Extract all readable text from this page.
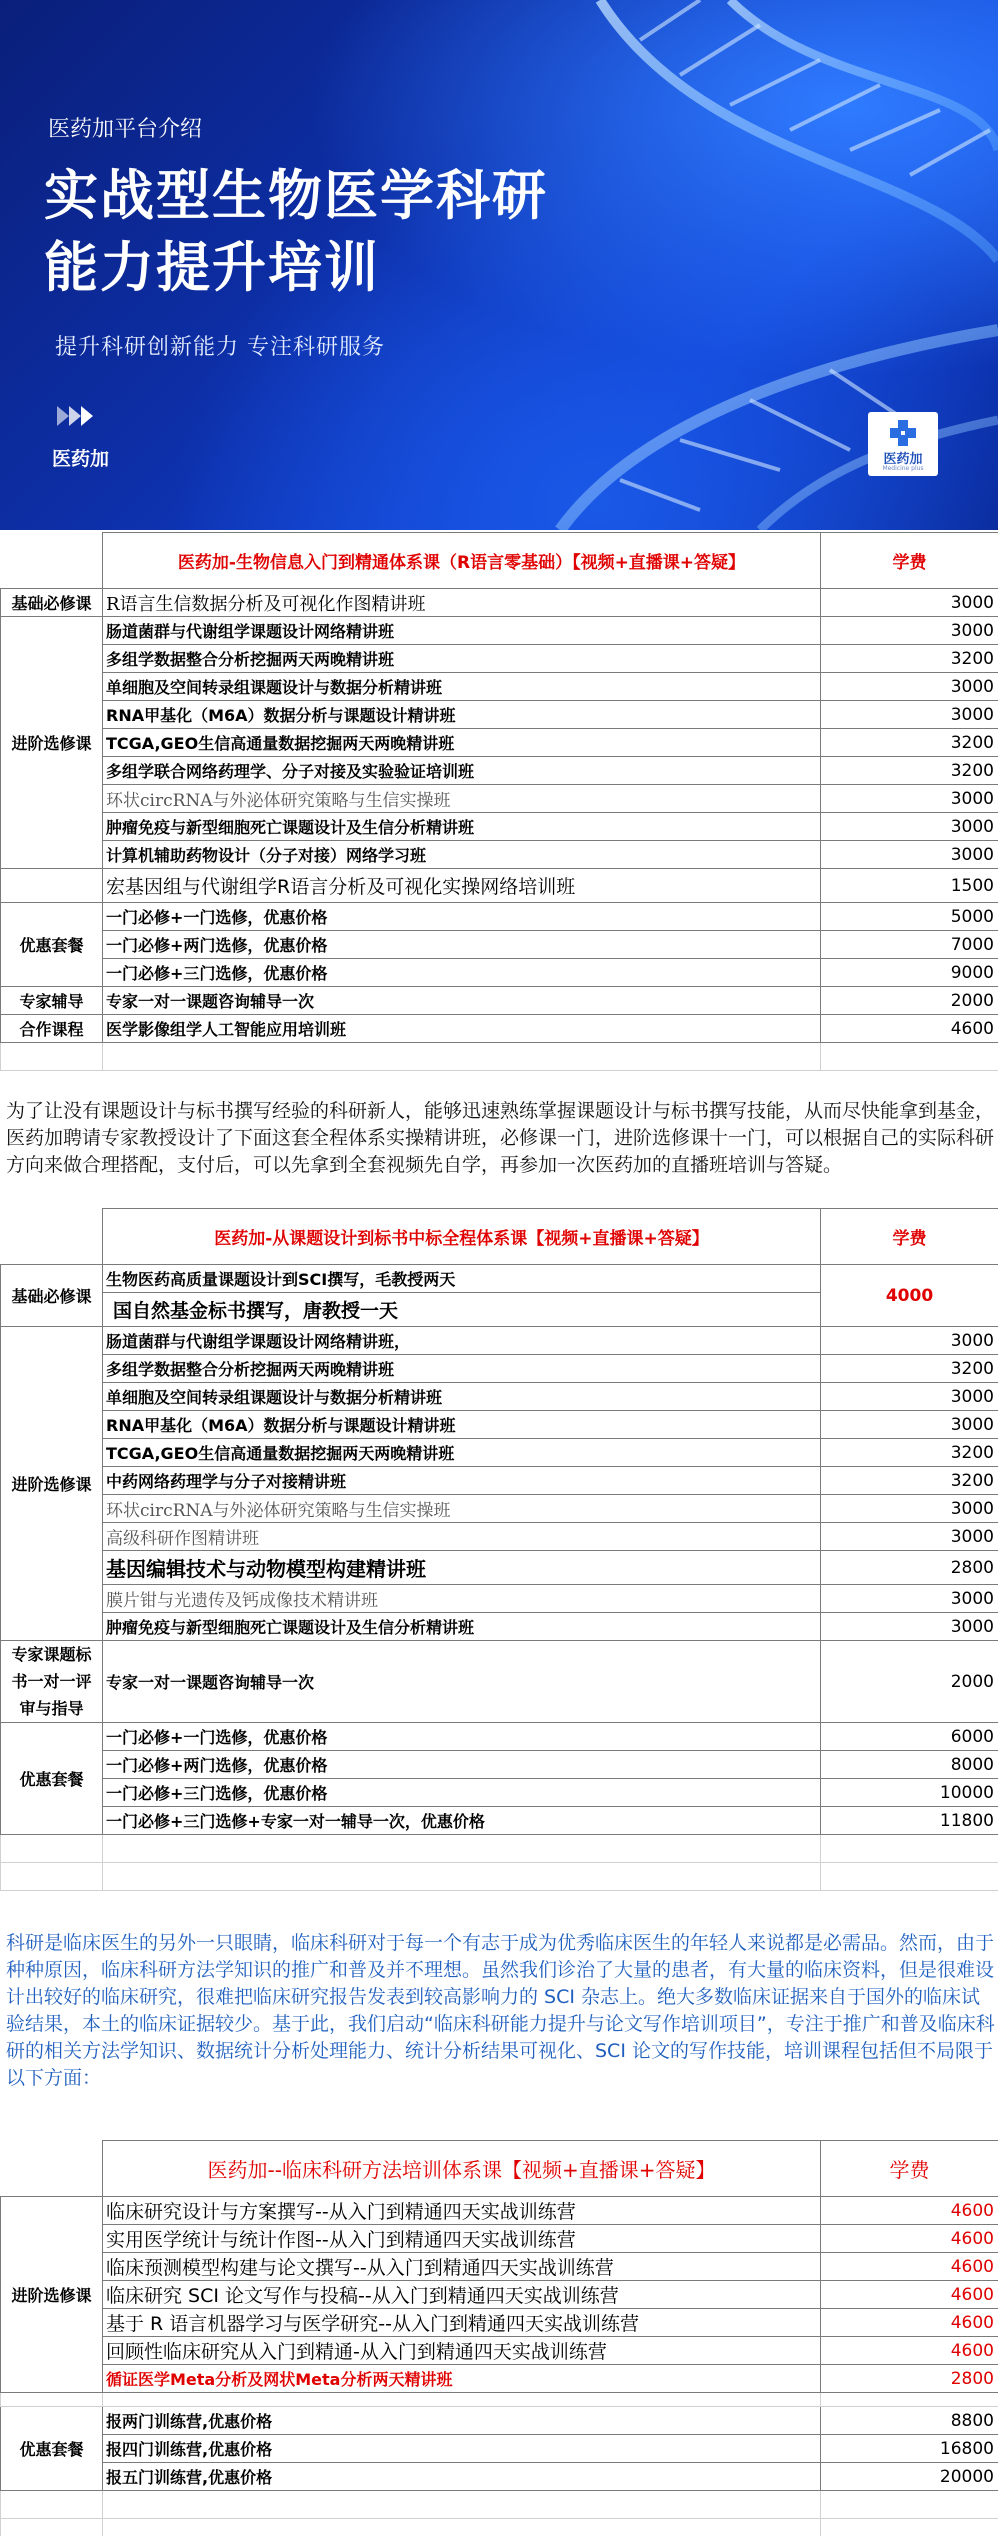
医药加平台介绍
实战型生物医学科研
能力提升培训
提升科研创新能力 专注科研服务
医药加	医药加
Medicine plus
	医药加-生物信息入门到精通体系课（R语言零基础）【视频+直播课+答疑】	学费
基础必修课	R语言生信数据分析及可视化作图精讲班	3000
进阶选修课	肠道菌群与代谢组学课题设计网络精讲班	3000
	多组学数据整合分析挖掘两天两晚精讲班	3200
	单细胞及空间转录组课题设计与数据分析精讲班	3000
	RNA甲基化（M6A）数据分析与课题设计精讲班	3000
	TCGA,GEO生信高通量数据挖掘两天两晚精讲班	3200
	多组学联合网络药理学、分子对接及实验验证培训班	3200
	环状circRNA与外泌体研究策略与生信实操班	3000
	肿瘤免疫与新型细胞死亡课题设计及生信分析精讲班	3000
	计算机辅助药物设计（分子对接）网络学习班	3000
	宏基因组与代谢组学R语言分析及可视化实操网络培训班	1500
优惠套餐	一门必修+一门选修，优惠价格	5000
	一门必修+两门选修，优惠价格	7000
	一门必修+三门选修，优惠价格	9000
专家辅导	专家一对一课题咨询辅导一次	2000
合作课程	医学影像组学人工智能应用培训班	4600

为了让没有课题设计与标书撰写经验的科研新人，能够迅速熟练掌握课题设计与标书撰写技能，从而尽快能拿到基金，医药加聘请专家教授设计了下面这套全程体系实操精讲班，必修课一门，进阶选修课十一门，可以根据自己的实际科研方向来做合理搭配，支付后，可以先拿到全套视频先自学，再参加一次医药加的直播班培训与答疑。
	医药加-从课题设计到标书中标全程体系课【视频+直播课+答疑】	学费
基础必修课	生物医药高质量课题设计到SCI撰写，毛教授两天	4000
	国自然基金标书撰写，唐教授一天	
进阶选修课	肠道菌群与代谢组学课题设计网络精讲班，	3000
	多组学数据整合分析挖掘两天两晚精讲班	3200
	单细胞及空间转录组课题设计与数据分析精讲班	3000
	RNA甲基化（M6A）数据分析与课题设计精讲班	3000
	TCGA,GEO生信高通量数据挖掘两天两晚精讲班	3200
	中药网络药理学与分子对接精讲班	3200
	环状circRNA与外泌体研究策略与生信实操班	3000
	高级科研作图精讲班	3000
	基因编辑技术与动物模型构建精讲班	2800
	膜片钳与光遗传及钙成像技术精讲班	3000
	肿瘤免疫与新型细胞死亡课题设计及生信分析精讲班	3000
专家课题标书一对一评审与指导	专家一对一课题咨询辅导一次	2000
优惠套餐	一门必修+一门选修，优惠价格	6000
	一门必修+两门选修，优惠价格	8000
	一门必修+三门选修，优惠价格	10000
	一门必修+三门选修+专家一对一辅导一次，优惠价格	11800

科研是临床医生的另外一只眼睛，临床科研对于每一个有志于成为优秀临床医生的年轻人来说都是必需品。然而，由于种种原因，临床科研方法学知识的推广和普及并不理想。虽然我们诊治了大量的患者，有大量的临床资料，但是很难设计出较好的临床研究，很难把临床研究报告发表到较高影响力的 SCI 杂志上。绝大多数临床证据来自于国外的临床试验结果，本土的临床证据较少。基于此，我们启动“临床科研能力提升与论文写作培训项目”，专注于推广和普及临床科研的相关方法学知识、数据统计分析处理能力、统计分析结果可视化、SCI 论文的写作技能，培训课程包括但不局限于以下方面：
	医药加--临床科研方法培训体系课【视频+直播课+答疑】	学费
进阶选修课	临床研究设计与方案撰写--从入门到精通四天实战训练营	4600
	实用医学统计与统计作图--从入门到精通四天实战训练营	4600
	临床预测模型构建与论文撰写--从入门到精通四天实战训练营	4600
	临床研究 SCI 论文写作与投稿--从入门到精通四天实战训练营	4600
	基于 R 语言机器学习与医学研究--从入门到精通四天实战训练营	4600
	回顾性临床研究从入门到精通-从入门到精通四天实战训练营	4600
	循证医学Meta分析及网状Meta分析两天精讲班	2800

优惠套餐	报两门训练营,优惠价格	8800
	报四门训练营,优惠价格	16800
	报五门训练营,优惠价格	20000
